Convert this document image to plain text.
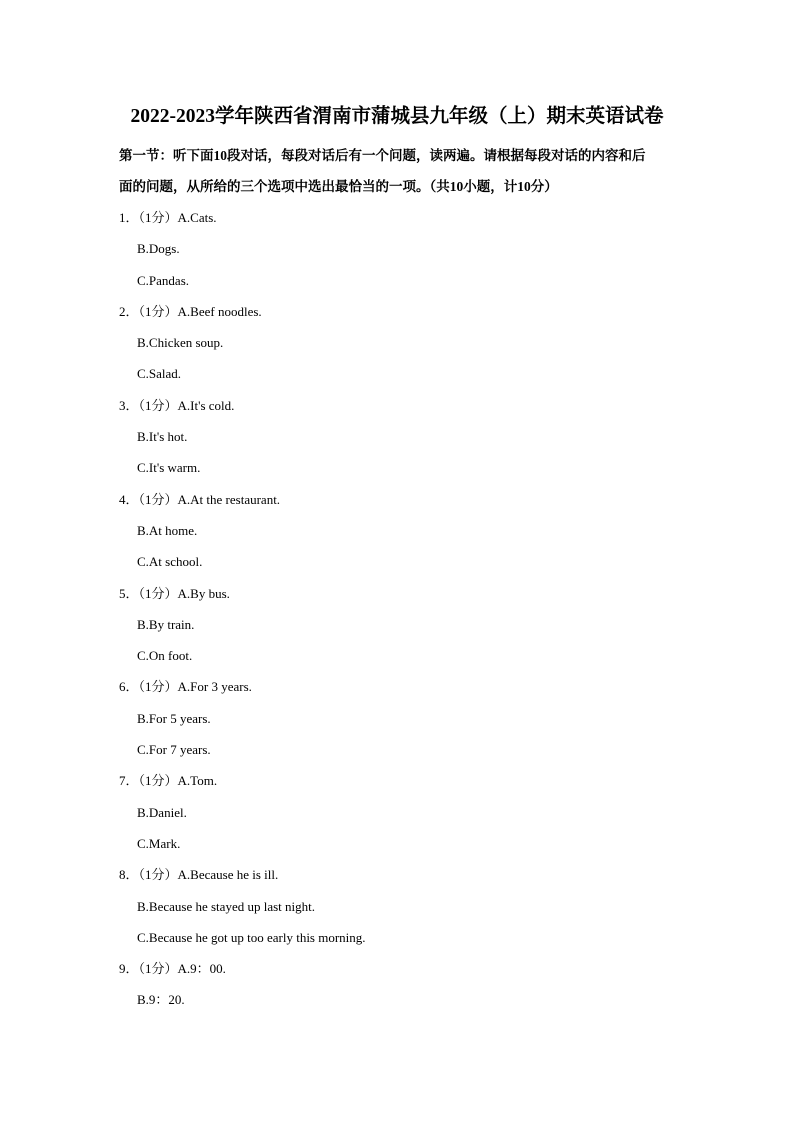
2022-2023学年陕西省渭南市蒲城县九年级（上）期末英语试卷
第一节：听下面10段对话，每段对话后有一个问题，读两遍。请根据每段对话的内容和后
面的问题，从所给的三个选项中选出最恰当的一项。（共10小题，计10分）
1．（1分）A.Cats.
B.Dogs.
C.Pandas.
2．（1分）A.Beef noodles.
B.Chicken soup.
C.Salad.
3．（1分）A.It's cold.
B.It's hot.
C.It's warm.
4．（1分）A.At the restaurant.
B.At home.
C.At school.
5．（1分）A.By bus.
B.By train.
C.On foot.
6．（1分）A.For 3 years.
B.For 5 years.
C.For 7 years.
7．（1分）A.Tom.
B.Daniel.
C.Mark.
8．（1分）A.Because he is ill.
B.Because he stayed up last night.
C.Because he got up too early this morning.
9．（1分）A.9：00.
B.9：20.
